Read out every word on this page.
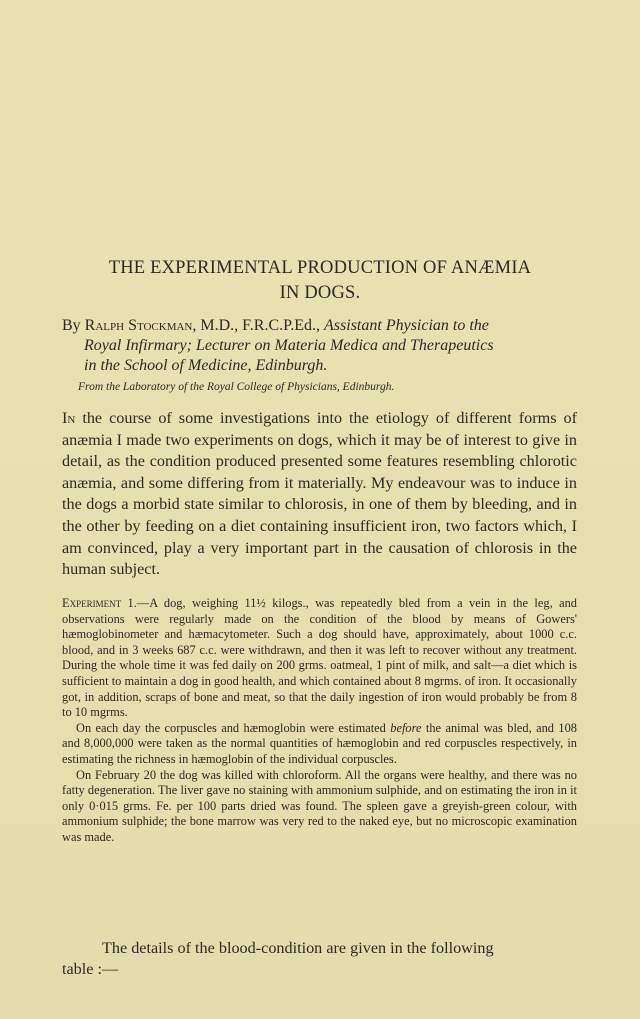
THE EXPERIMENTAL PRODUCTION OF ANÆMIA
IN DOGS.
By Ralph Stockman, M.D., F.R.C.P.Ed., Assistant Physician to the
Royal Infirmary; Lecturer on Materia Medica and Therapeutics
in the School of Medicine, Edinburgh.
From the Laboratory of the Royal College of Physicians, Edinburgh.
In the course of some investigations into the etiology of different forms of anæmia I made two experiments on dogs, which it may be of interest to give in detail, as the condition produced presented some features resembling chlorotic anæmia, and some differing from it materially. My endeavour was to induce in the dogs a morbid state similar to chlorosis, in one of them by bleeding, and in the other by feeding on a diet containing insufficient iron, two factors which, I am convinced, play a very important part in the causation of chlorosis in the human subject.

Experiment 1.—A dog, weighing 11½ kilogs., was repeatedly bled from a vein in the leg, and observations were regularly made on the condition of the blood by means of Gowers' hæmoglobinometer and hæmacytometer. Such a dog should have, approximately, about 1000 c.c. blood, and in 3 weeks 687 c.c. were withdrawn, and then it was left to recover without any treatment. During the whole time it was fed daily on 200 grms. oatmeal, 1 pint of milk, and salt—a diet which is sufficient to maintain a dog in good health, and which contained about 8 mgrms. of iron. It occasionally got, in addition, scraps of bone and meat, so that the daily ingestion of iron would probably be from 8 to 10 mgrms.

On each day the corpuscles and hæmoglobin were estimated before the animal was bled, and 108 and 8,000,000 were taken as the normal quantities of hæmoglobin and red corpuscles respectively, in estimating the richness in hæmoglobin of the individual corpuscles.

On February 20 the dog was killed with chloroform. All the organs were healthy, and there was no fatty degeneration. The liver gave no staining with ammonium sulphide, and on estimating the iron in it only 0·015 grms. Fe. per 100 parts dried was found. The spleen gave a greyish-green colour, with ammonium sulphide; the bone marrow was very red to the naked eye, but no microscopic examination was made.

The details of the blood-condition are given in the following
table :—
